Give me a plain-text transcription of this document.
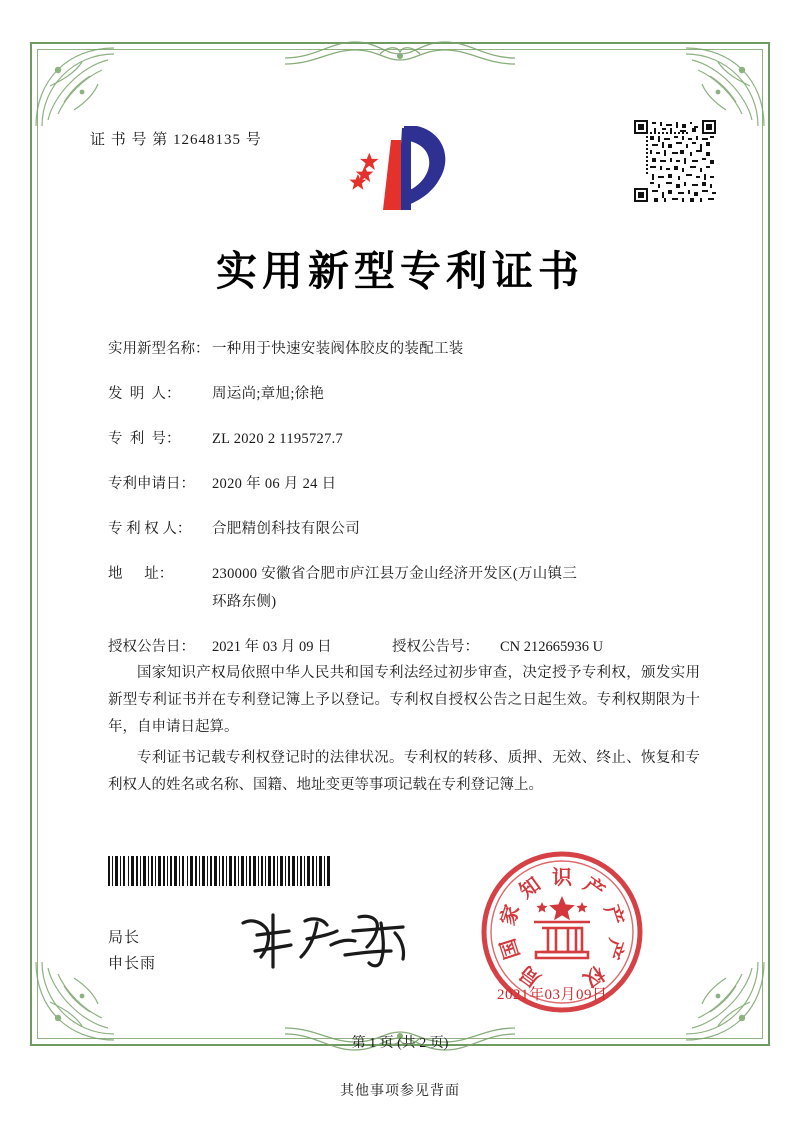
证 书 号 第 12648135 号
实用新型专利证书
实用新型名称： 一种用于快速安装阀体胶皮的装配工装
发  明  人：	周运尚;章旭;徐艳
专  利  号：	ZL 2020 2 1195727.7
专利申请日：	2020 年 06 月 24 日
专 利 权 人：	合肥精创科技有限公司
地      址：	230000 安徽省合肥市庐江县万金山经济开发区(万山镇三
环路东侧)
授权公告日：	2021 年 03 月 09 日	授权公告号：	CN 212665936 U

国家知识产权局依照中华人民共和国专利法经过初步审查，决定授予专利权，颁发实用新型专利证书并在专利登记簿上予以登记。专利权自授权公告之日起生效。专利权期限为十年，自申请日起算。

专利证书记载专利权登记时的法律状况。专利权的转移、质押、无效、终止、恢复和专利权人的姓名或名称、国籍、地址变更等事项记载在专利登记簿上。

局长
申长雨
识
知
家
国
局 权
产
产
产
2021年03月09日
第 1 页 (共 2 页)
其他事项参见背面
